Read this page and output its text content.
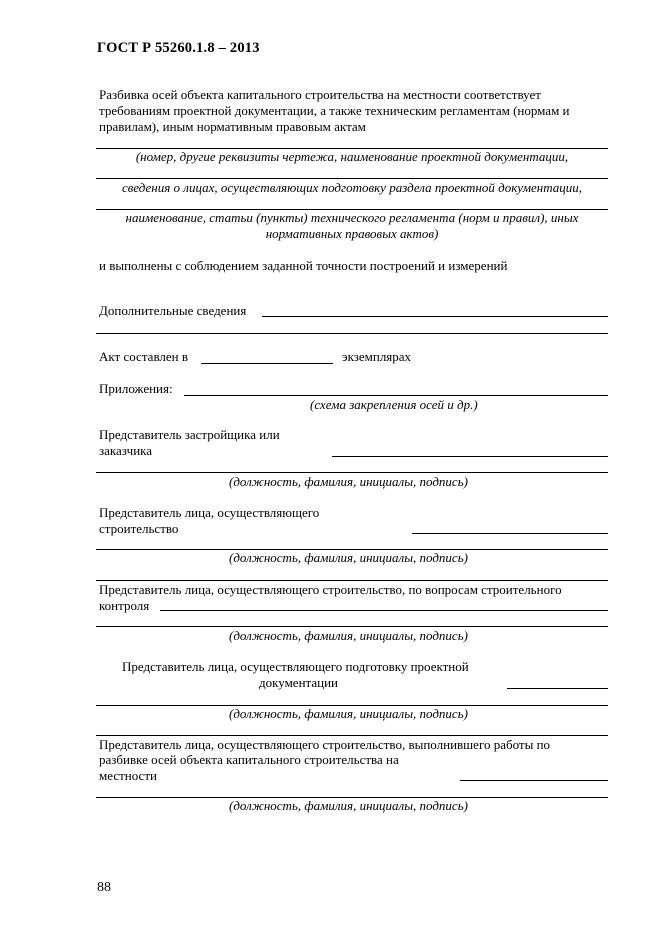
ГОСТ Р 55260.1.8 – 2013
Разбивка осей объекта капитального строительства на местности соответствует
требованиям проектной документации, а также техническим регламентам (нормам и
правилам), иным нормативным правовым актам
(номер, другие реквизиты чертежа, наименование проектной документации,
сведения о лицах, осуществляющих подготовку раздела проектной документации,
наименование, статьи (пункты) технического регламента (норм и правил), иных
нормативных правовых актов)
и выполнены с соблюдением заданной точности построений и измерений
Дополнительные сведения
Акт составлен в	экземплярах
Приложения:
(схема закрепления осей и др.)
Представитель застройщика или
заказчика
(должность, фамилия, инициалы, подпись)
Представитель лица, осуществляющего
строительство
(должность, фамилия, инициалы, подпись)
Представитель лица, осуществляющего строительство, по вопросам строительного
контроля
(должность, фамилия, инициалы, подпись)
Представитель лица, осуществляющего подготовку проектной
документации
(должность, фамилия, инициалы, подпись)
Представитель лица, осуществляющего строительство, выполнившего работы по
разбивке осей объекта капитального строительства на
местности
(должность, фамилия, инициалы, подпись)
88
